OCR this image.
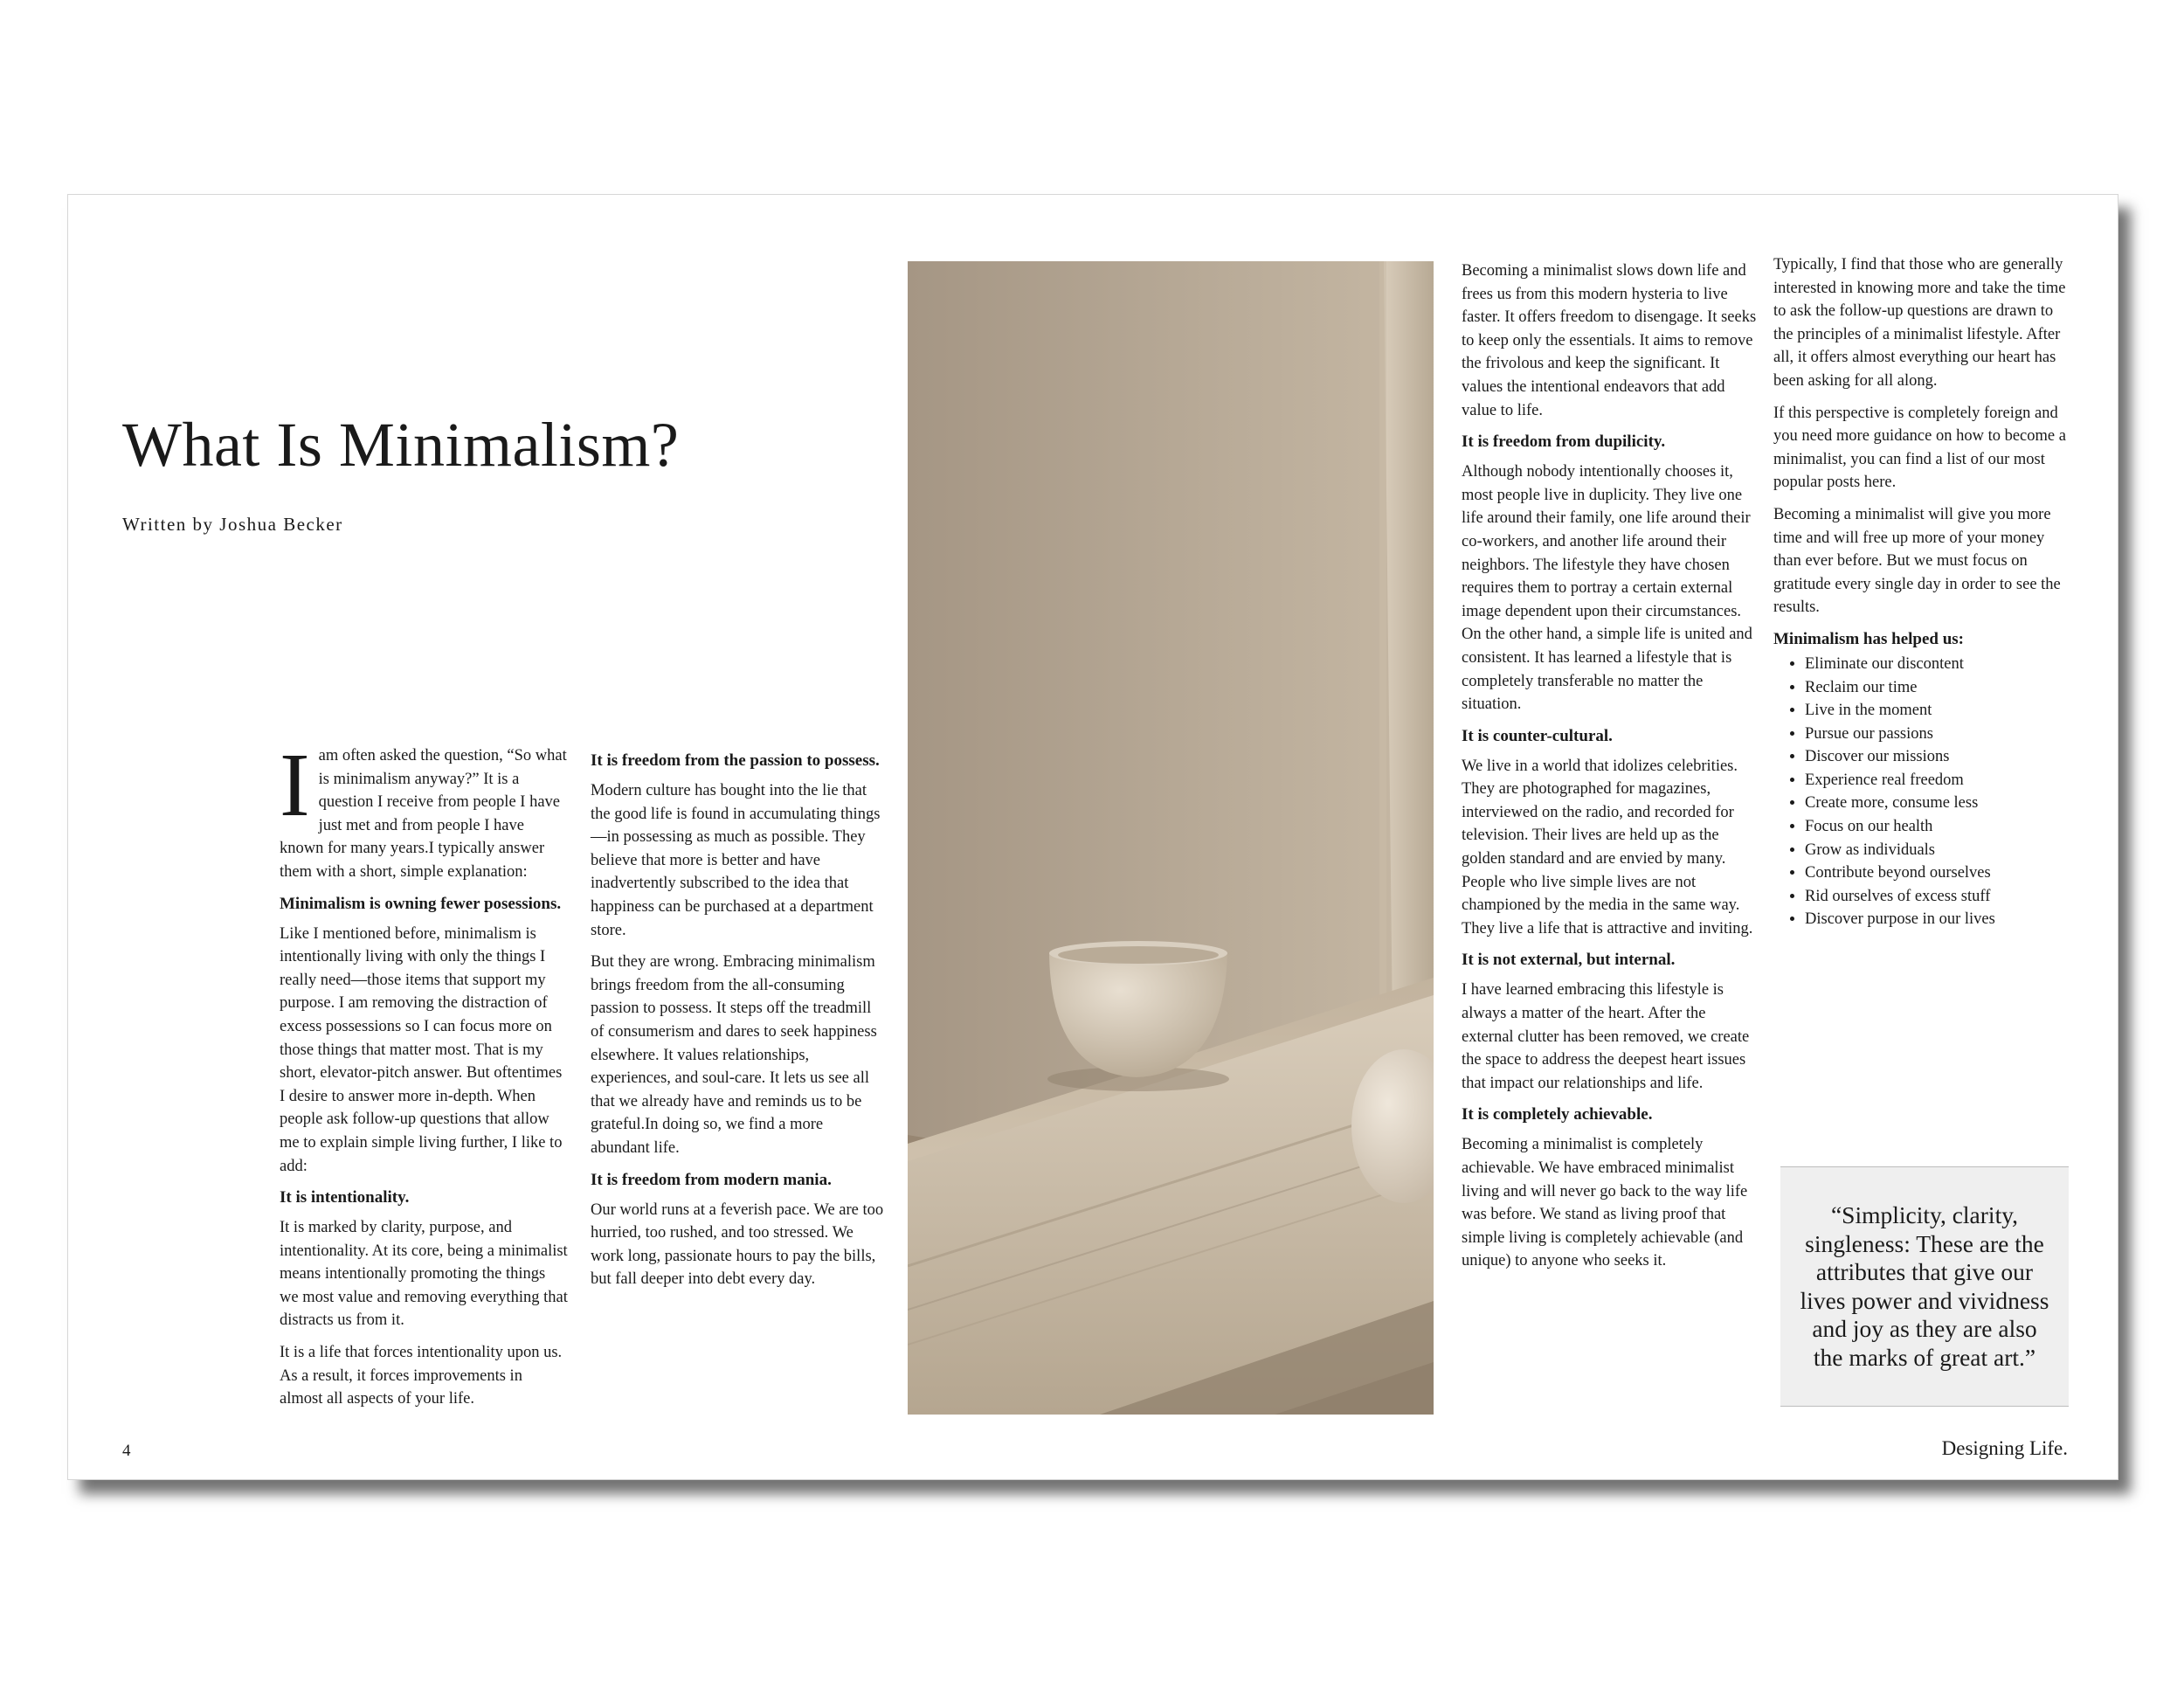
What Is Minimalism?
Written by Joshua Becker

Iam often asked the question, “So what is minimalism anyway?” It is a question I receive from people I have just met and from people I have known for many years.I typically answer them with a short, simple explanation:

Minimalism is owning fewer posessions.

Like I mentioned before, minimalism is intentionally living with only the things I really need—those items that support my purpose. I am removing the distraction of excess possessions so I can focus more on those things that matter most. That is my short, elevator-pitch answer. But oftentimes I desire to answer more in-depth. When people ask follow-up questions that allow me to explain simple living further, I like to add:

It is intentionality.

It is marked by clarity, purpose, and intentionality. At its core, being a minimalist means intentionally promoting the things we most value and removing everything that distracts us from it.

It is a life that forces intentionality upon us. As a result, it forces improvements in almost all aspects of your life.

It is freedom from the passion to possess.

Modern culture has bought into the lie that the good life is found in accumulating things—in possessing as much as possible. They believe that more is better and have inadvertently subscribed to the idea that happiness can be purchased at a department store.

But they are wrong. Embracing minimalism brings freedom from the all-consuming passion to possess. It steps off the treadmill of consumerism and dares to seek happiness elsewhere. It values relationships, experiences, and soul-care. It lets us see all that we already have and reminds us to be grateful.In doing so, we find a more abundant life.

It is freedom from modern mania.

Our world runs at a feverish pace. We are too hurried, too rushed, and too stressed. We work long, passionate hours to pay the bills, but fall deeper into debt every day.

Becoming a minimalist slows down life and frees us from this modern hysteria to live faster. It offers freedom to disengage. It seeks to keep only the essentials. It aims to remove the frivolous and keep the significant. It values the intentional endeavors that add value to life.

It is freedom from dupilicity.

Although nobody intentionally chooses it, most people live in duplicity. They live one life around their family, one life around their co-workers, and another life around their neighbors. The lifestyle they have chosen requires them to portray a certain external image dependent upon their circumstances. On the other hand, a simple life is united and consistent. It has learned a lifestyle that is completely transferable no matter the situation.

It is counter-cultural.

We live in a world that idolizes celebrities. They are photographed for magazines, interviewed on the radio, and recorded for television. Their lives are held up as the golden standard and are envied by many. People who live simple lives are not championed by the media in the same way. They live a life that is attractive and inviting.

It is not external, but internal.

I have learned embracing this lifestyle is always a matter of the heart. After the external clutter has been removed, we create the space to address the deepest heart issues that impact our relationships and life.

It is completely achievable.

Becoming a minimalist is completely achievable. We have embraced minimalist living and will never go back to the way life was before. We stand as living proof that simple living is completely achievable (and unique) to anyone who seeks it.

Typically, I find that those who are generally interested in knowing more and take the time to ask the follow-up questions are drawn to the principles of a minimalist lifestyle. After all, it offers almost everything our heart has been asking for all along.

If this perspective is completely foreign and you need more guidance on how to become a minimalist, you can find a list of our most popular posts here.

Becoming a minimalist will give you more time and will free up more of your money than ever before. But we must focus on gratitude every single day in order to see the results.

Minimalism has helped us:
• Eliminate our discontent
• Reclaim our time
• Live in the moment
• Pursue our passions
• Discover our missions
• Experience real freedom
• Create more, consume less
• Focus on our health
• Grow as individuals
• Contribute beyond ourselves
• Rid ourselves of excess stuff
• Discover purpose in our lives
“Simplicity, clarity, singleness: These are the attributes that give our lives power and vividness and joy as they are also the marks of great art.”
4	Designing Life.
